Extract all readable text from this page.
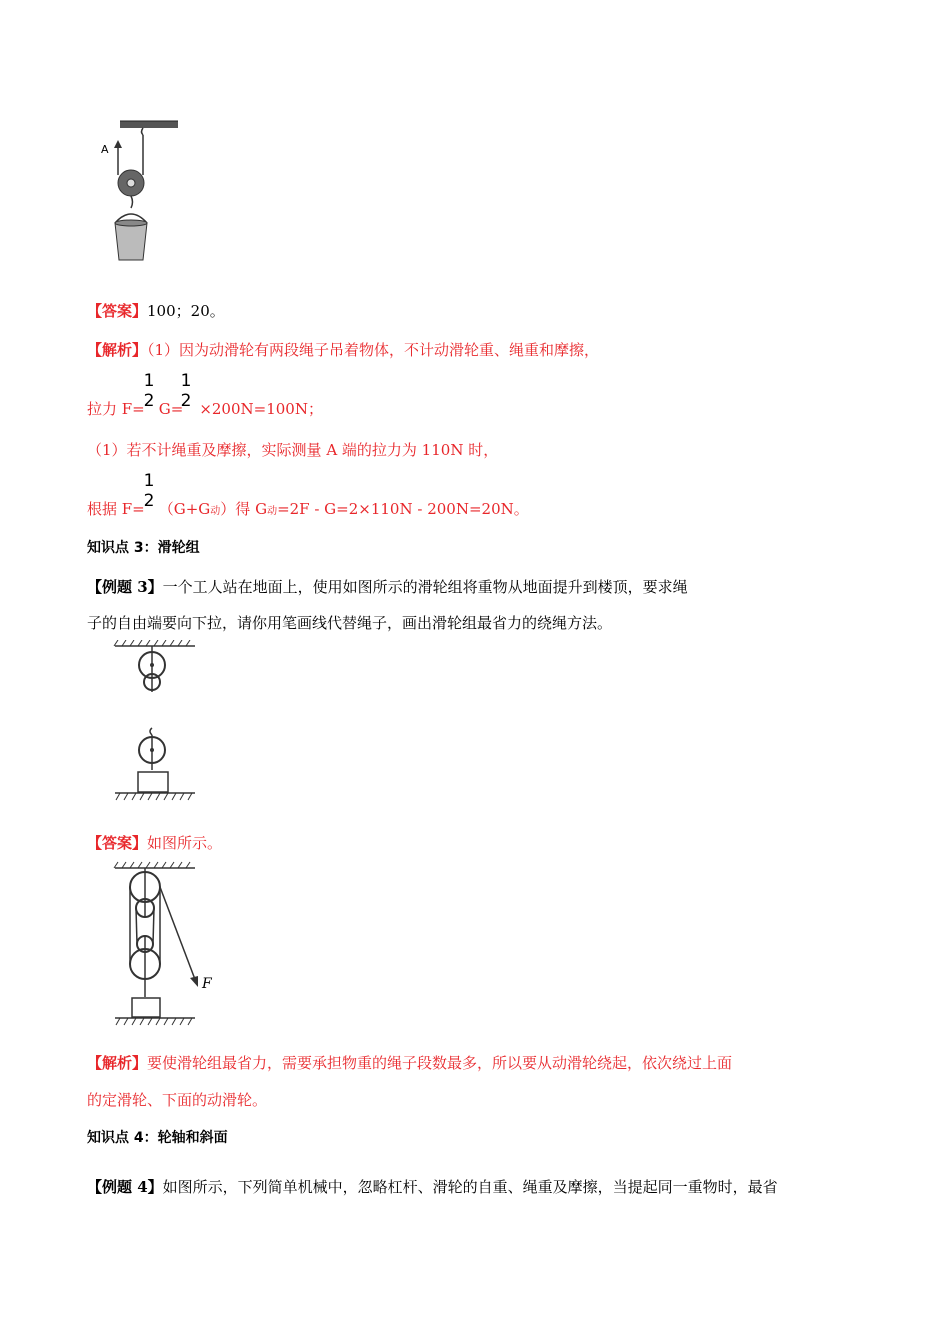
A
【答案】100；20。
【解析】（1）因为动滑轮有两段绳子吊着物体，不计动滑轮重、绳重和摩擦，
1
2
1
2
拉力 F= G= ×200N=100N；
（1）若不计绳重及摩擦，实际测量 A 端的拉力为 110N 时，
1
2
根据 F= （G+G动）得 G动=2F - G=2×110N - 200N=20N。
知识点 3：滑轮组
【例题 3】一个工人站在地面上，使用如图所示的滑轮组将重物从地面提升到楼顶，要求绳
子的自由端要向下拉，请你用笔画线代替绳子，画出滑轮组最省力的绕绳方法。
【答案】如图所示。
F
【解析】要使滑轮组最省力，需要承担物重的绳子段数最多，所以要从动滑轮绕起，依次绕过上面
的定滑轮、下面的动滑轮。
知识点 4：轮轴和斜面
【例题 4】如图所示，下列简单机械中，忽略杠杆、滑轮的自重、绳重及摩擦，当提起同一重物时，最省
